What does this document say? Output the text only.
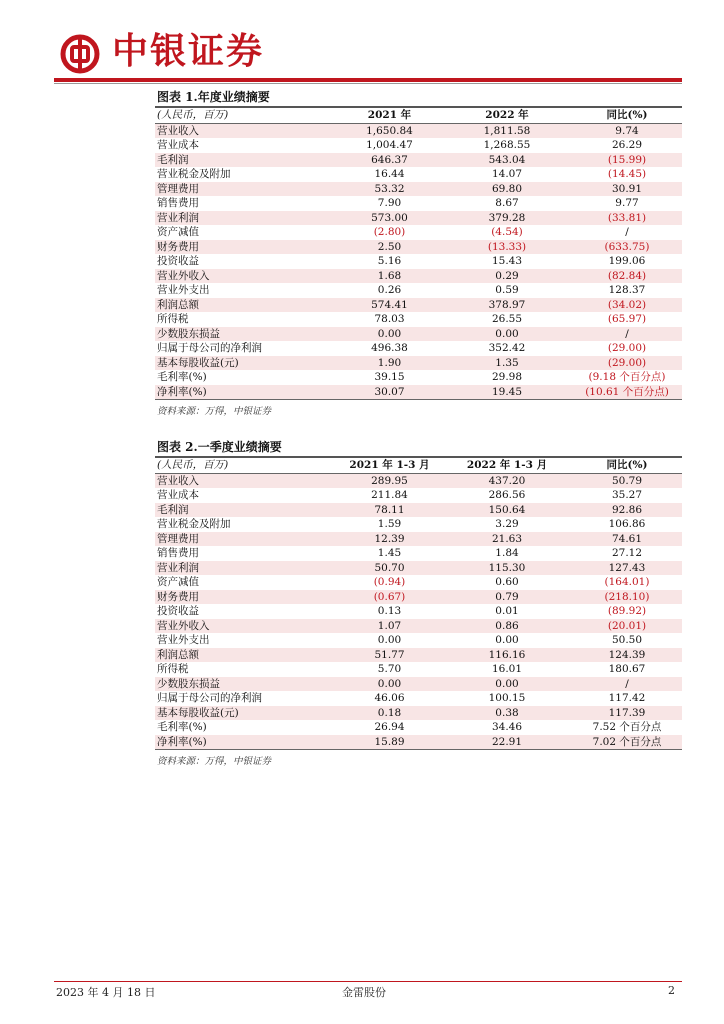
中银证券
图表 1.年度业绩摘要
(人民币，百万)	2021 年	2022 年	同比(%)
营业收入	1,650.84	1,811.58	9.74
营业成本	1,004.47	1,268.55	26.29
毛利润	646.37	543.04	(15.99)
营业税金及附加	16.44	14.07	(14.45)
管理费用	53.32	69.80	30.91
销售费用	7.90	8.67	9.77
营业利润	573.00	379.28	(33.81)
资产减值	(2.80)	(4.54)	/
财务费用	2.50	(13.33)	(633.75)
投资收益	5.16	15.43	199.06
营业外收入	1.68	0.29	(82.84)
营业外支出	0.26	0.59	128.37
利润总额	574.41	378.97	(34.02)
所得税	78.03	26.55	(65.97)
少数股东损益	0.00	0.00	/
归属于母公司的净利润	496.38	352.42	(29.00)
基本每股收益(元)	1.90	1.35	(29.00)
毛利率(%)	39.15	29.98	(9.18 个百分点)
净利率(%)	30.07	19.45	(10.61 个百分点)
资料来源：万得，中银证券
图表 2.一季度业绩摘要
(人民币，百万)	2021 年 1-3 月	2022 年 1-3 月	同比(%)
营业收入	289.95	437.20	50.79
营业成本	211.84	286.56	35.27
毛利润	78.11	150.64	92.86
营业税金及附加	1.59	3.29	106.86
管理费用	12.39	21.63	74.61
销售费用	1.45	1.84	27.12
营业利润	50.70	115.30	127.43
资产减值	(0.94)	0.60	(164.01)
财务费用	(0.67)	0.79	(218.10)
投资收益	0.13	0.01	(89.92)
营业外收入	1.07	0.86	(20.01)
营业外支出	0.00	0.00	50.50
利润总额	51.77	116.16	124.39
所得税	5.70	16.01	180.67
少数股东损益	0.00	0.00	/
归属于母公司的净利润	46.06	100.15	117.42
基本每股收益(元)	0.18	0.38	117.39
毛利率(%)	26.94	34.46	7.52 个百分点
净利率(%)	15.89	22.91	7.02 个百分点
资料来源：万得，中银证券
2023 年 4 月 18 日	金雷股份	2
